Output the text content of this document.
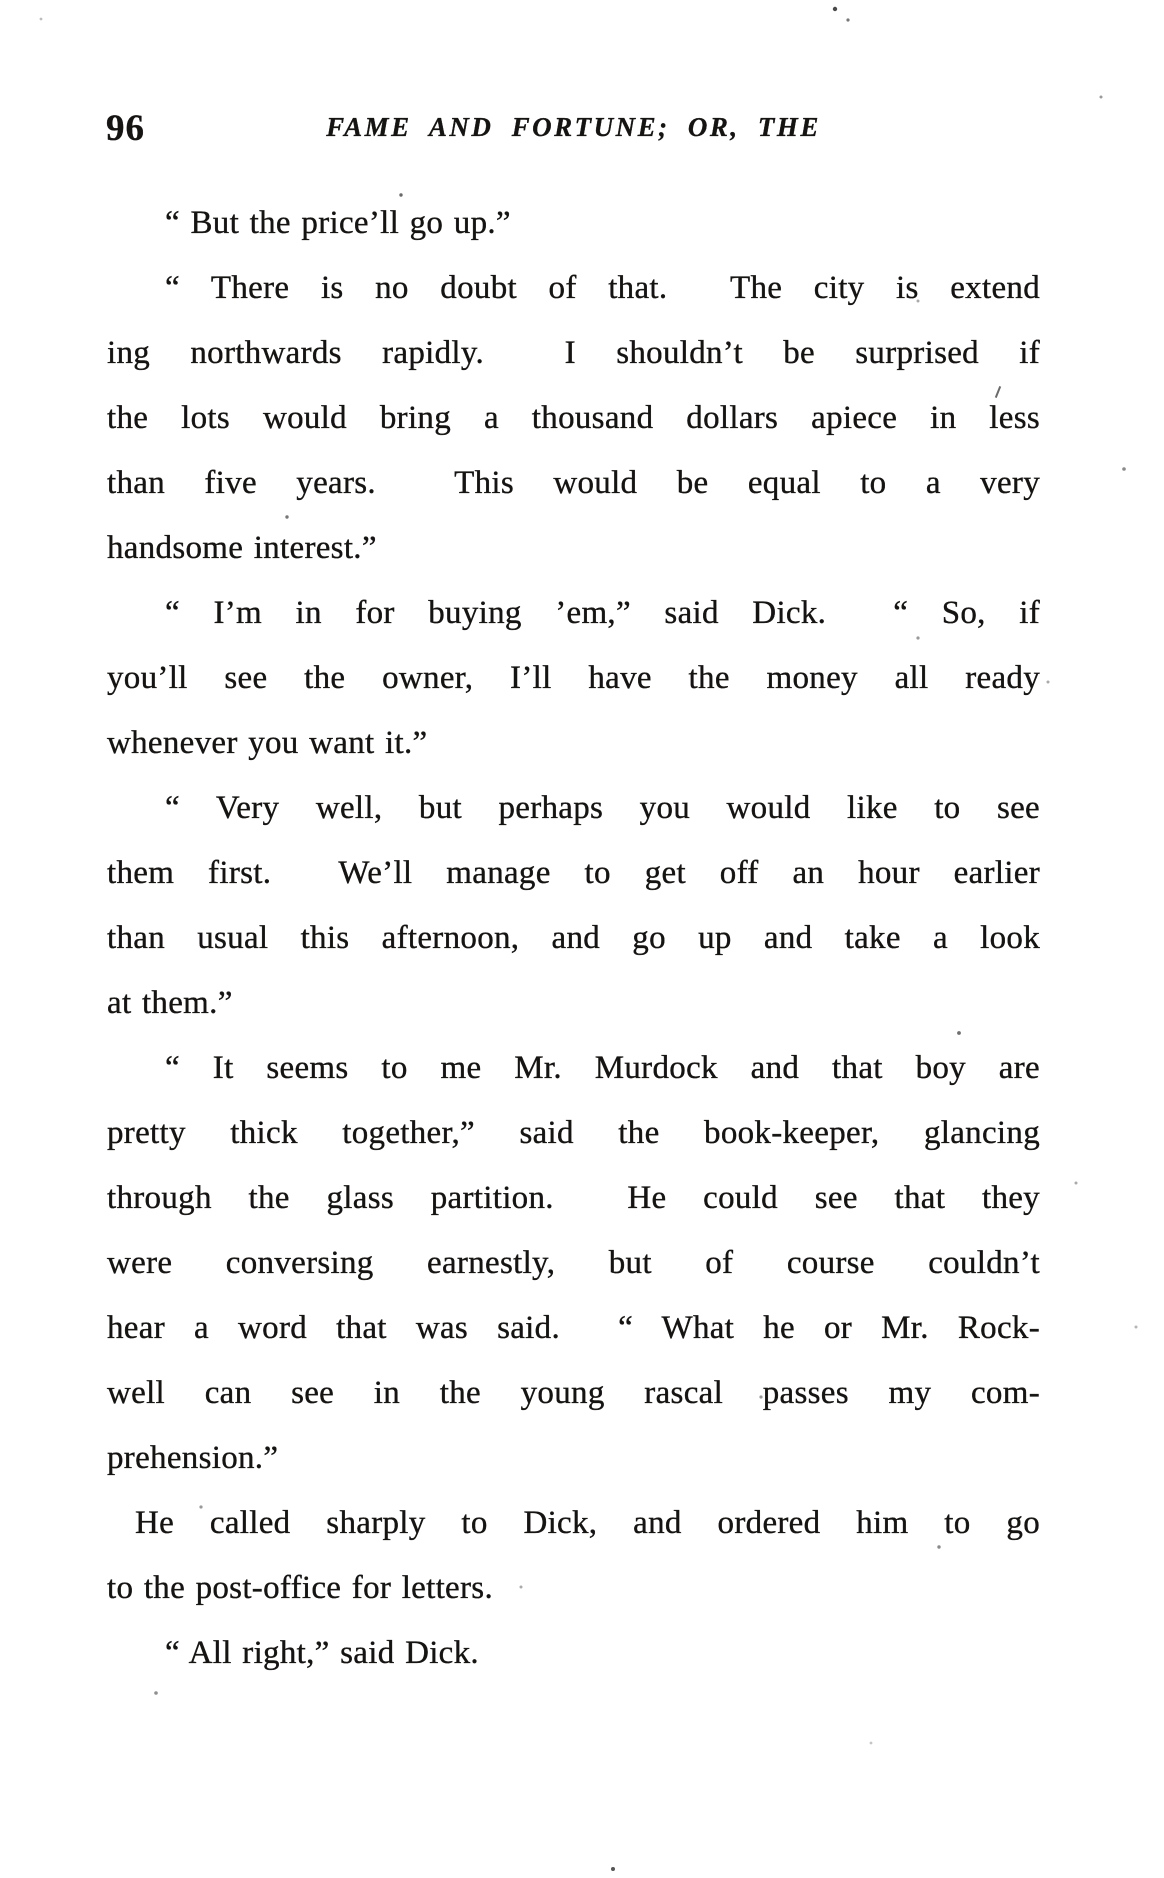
96	FAME AND FORTUNE; OR, THE
“ But the price’ll go up.”
“ There is no doubt of that.  The city is extend
ing northwards rapidly.  I shouldn’t be surprised if
the lots would bring a thousand dollars apiece in less
than five years.  This would be equal to a very
handsome interest.”
“ I’m in for buying ’em,” said Dick.  “ So, if
you’ll see the owner, I’ll have the money all ready
whenever you want it.”
“ Very well, but perhaps you would like to see
them first.  We’ll manage to get off an hour earlier
than usual this afternoon, and go up and take a look
at them.”
“ It seems to me Mr. Murdock and that boy are
pretty thick together,” said the book-keeper, glancing
through the glass partition.  He could see that they
were conversing earnestly, but of course couldn’t
hear a word that was said.  “ What he or Mr. Rock-
well can see in the young rascal passes my com-
prehension.”
He called sharply to Dick, and ordered him to go
to the post-office for letters.
“ All right,” said Dick.
